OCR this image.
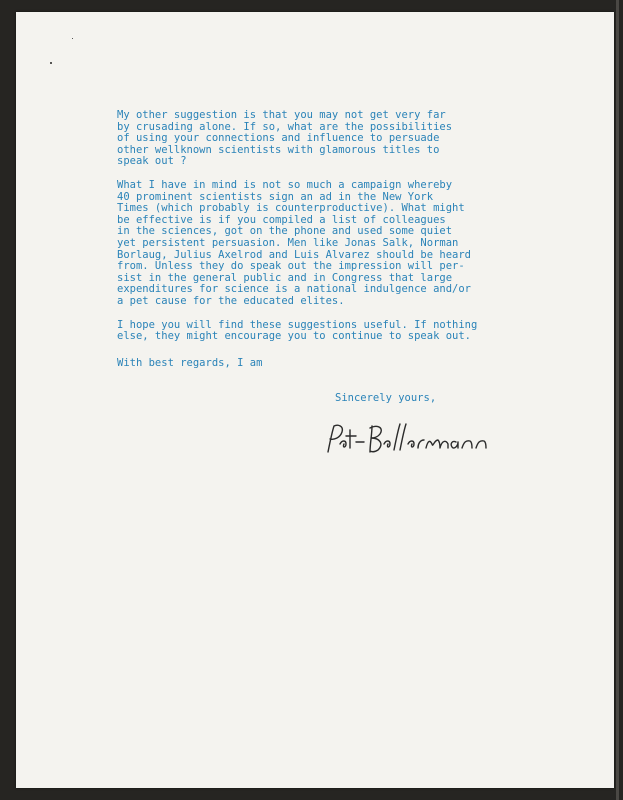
My other suggestion is that you may not get very far
by crusading alone. If so, what are the possibilities
of using your connections and influence to persuade
other wellknown scientists with glamorous titles to
speak out ?

What I have in mind is not so much a campaign whereby
40 prominent scientists sign an ad in the New York
Times (which probably is counterproductive). What might
be effective is if you compiled a list of colleagues
in the sciences, got on the phone and used some quiet
yet persistent persuasion. Men like Jonas Salk, Norman
Borlaug, Julius Axelrod and Luis Alvarez should be heard
from. Unless they do speak out the impression will per-
sist in the general public and in Congress that large
expenditures for science is a national indulgence and/or
a pet cause for the educated elites.

I hope you will find these suggestions useful. If nothing
else, they might encourage you to continue to speak out.

With best regards, I am

Sincerely yours,
